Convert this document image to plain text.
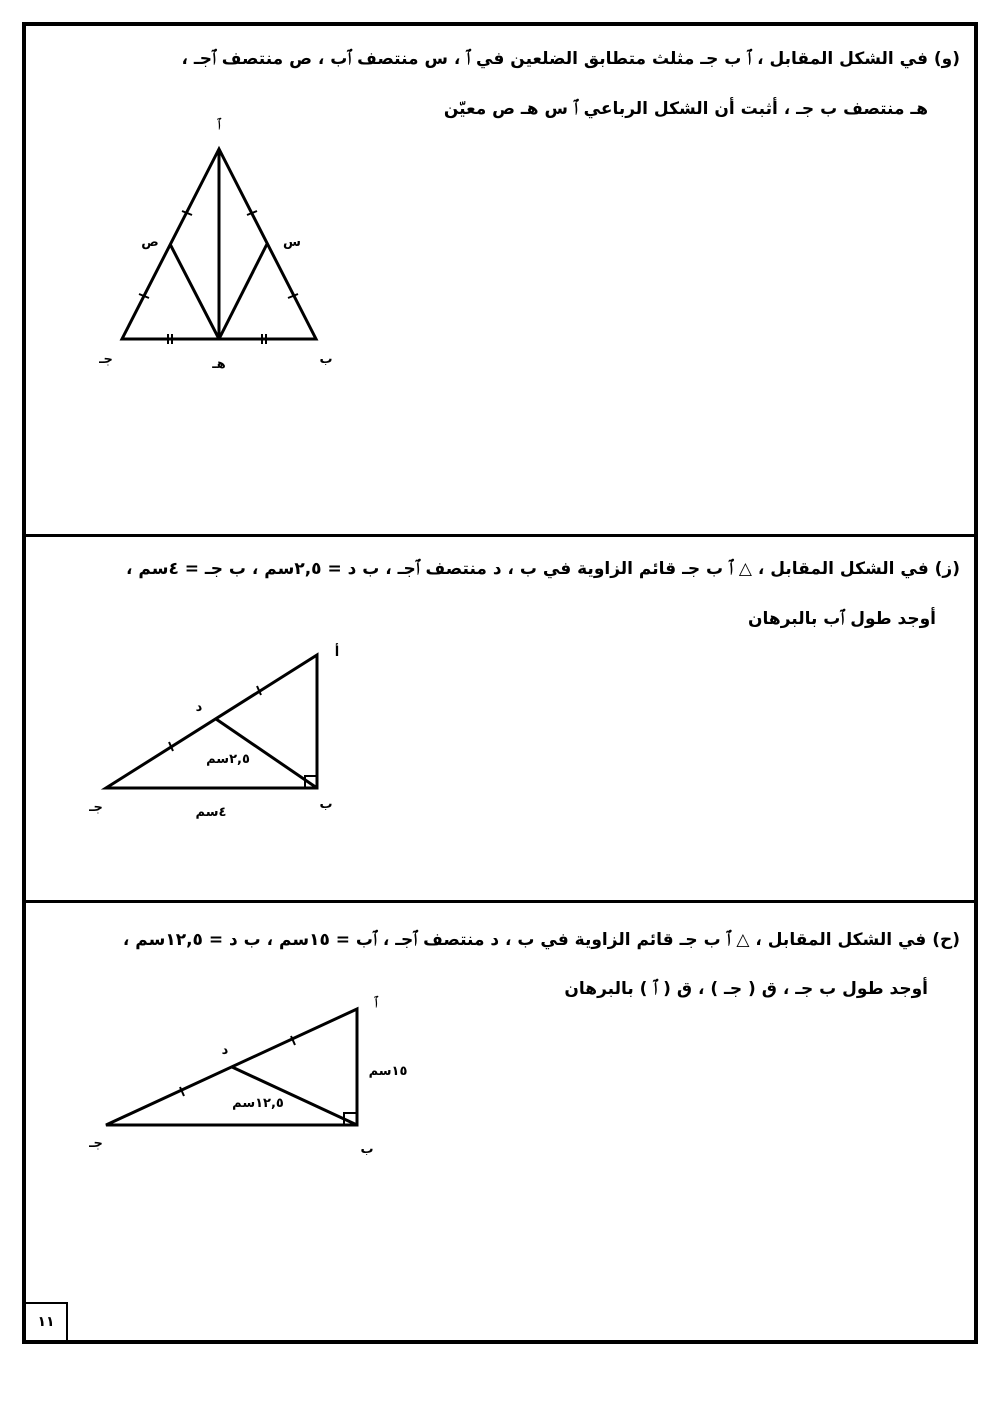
(و) في الشكل المقابل ، ﭐ ب جـ مثلث متطابق الضلعين في ﭐ ، س منتصف ﭐب ، ص منتصف ﭐجـ ،
هـ منتصف ب جـ ، أثبت أن الشكل الرباعي ﭐ س هـ ص معيّن
(ز) في الشكل المقابل ، △ ﭐ ب جـ قائم الزاوية في ب ، د منتصف ﭐجـ ، ب د = ٢,٥سم ، ب جـ = ٤سم ،
أوجد طول ﭐب بالبرهان
(ح) في الشكل المقابل ، △ ﭐ ب جـ قائم الزاوية في ب ، د منتصف ﭐجـ ، ﭐب = ١٥سم ، ب د = ١٢,٥سم ،
أوجد طول ب جـ ، ق ( جـ ) ، ق ( ﭐ ) بالبرهان
ﭐ
ب
جـ	هـ
س
ص
أ
ب
جـ
د
٢,٥سم
٤سم
ﭐ
ب
جـ
د
١٥سم
١٢,٥سم
١١
